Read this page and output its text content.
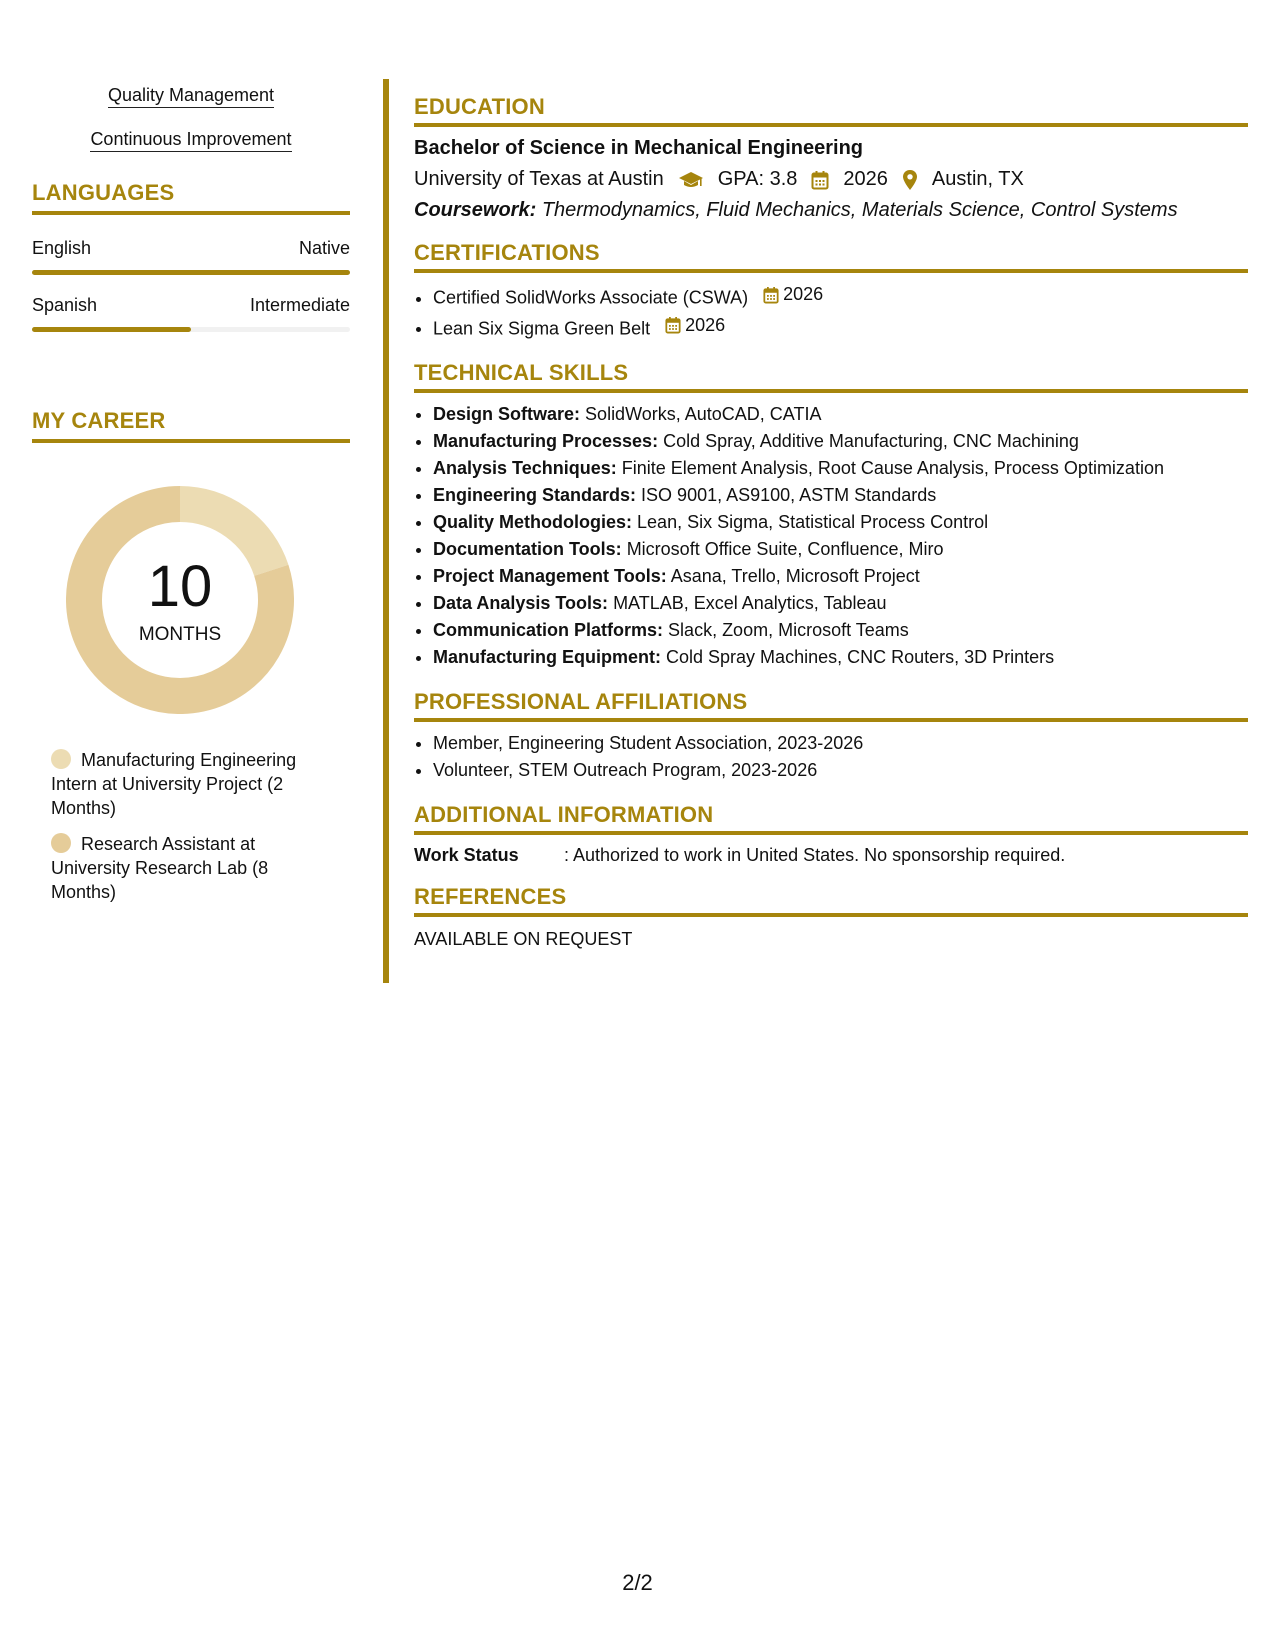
Quality Management
Continuous Improvement
LANGUAGES
English	Native
Spanish	Intermediate
MY CAREER
10
MONTHS
Manufacturing Engineering Intern at University Project (2 Months)
Research Assistant at University Research Lab (8 Months)
EDUCATION
Bachelor of Science in Mechanical Engineering
University of Texas at Austin	GPA: 3.8 2026 Austin, TX
Coursework: Thermodynamics, Fluid Mechanics, Materials Science, Control Systems
CERTIFICATIONS
• Certified SolidWorks Associate (CSWA) 2026
• Lean Six Sigma Green Belt 2026
TECHNICAL SKILLS
• Design Software: SolidWorks, AutoCAD, CATIA
• Manufacturing Processes: Cold Spray, Additive Manufacturing, CNC Machining
• Analysis Techniques: Finite Element Analysis, Root Cause Analysis, Process Optimization
• Engineering Standards: ISO 9001, AS9100, ASTM Standards
• Quality Methodologies: Lean, Six Sigma, Statistical Process Control
• Documentation Tools: Microsoft Office Suite, Confluence, Miro
• Project Management Tools: Asana, Trello, Microsoft Project
• Data Analysis Tools: MATLAB, Excel Analytics, Tableau
• Communication Platforms: Slack, Zoom, Microsoft Teams
• Manufacturing Equipment: Cold Spray Machines, CNC Routers, 3D Printers
PROFESSIONAL AFFILIATIONS
• Member, Engineering Student Association, 2023-2026
• Volunteer, STEM Outreach Program, 2023-2026
ADDITIONAL INFORMATION
Work Status	: Authorized to work in United States. No sponsorship required.
REFERENCES
AVAILABLE ON REQUEST
2/2
